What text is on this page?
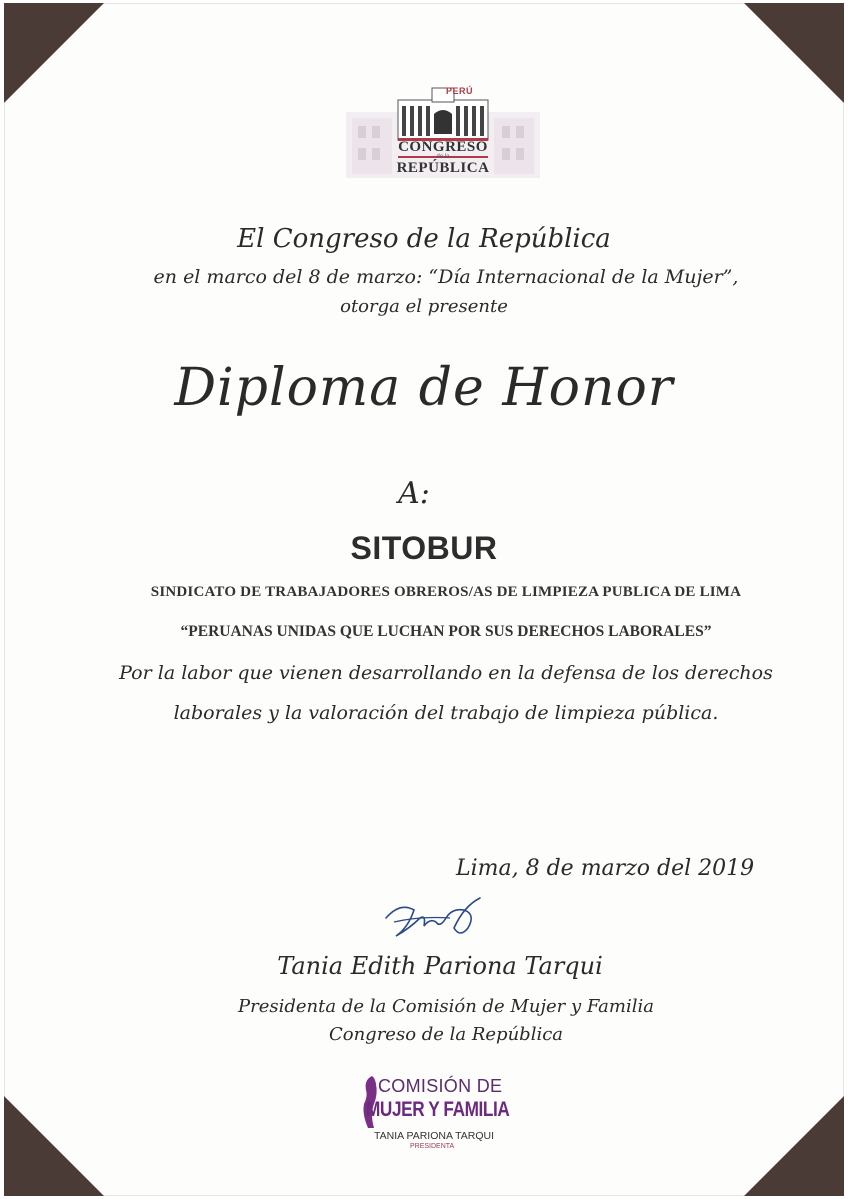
PERÚ
CONGRESO
de la
REPÚBLICA
El Congreso de la República
en el marco del 8 de marzo: “Día Internacional de la Mujer”,
otorga el presente
Diploma de Honor
A:
SITOBUR
SINDICATO DE TRABAJADORES OBREROS/AS DE LIMPIEZA PUBLICA DE LIMA
“PERUANAS UNIDAS QUE LUCHAN POR SUS DERECHOS LABORALES”
Por la labor que vienen desarrollando en la defensa de los derechos
laborales y la valoración del trabajo de limpieza pública.
Lima, 8 de marzo del 2019
Tania Edith Pariona Tarqui
Presidenta de la Comisión de Mujer y Familia
Congreso de la República
COMISIÓN DE
MUJER Y FAMILIA
TANIA PARIONA TARQUI
PRESIDENTA
